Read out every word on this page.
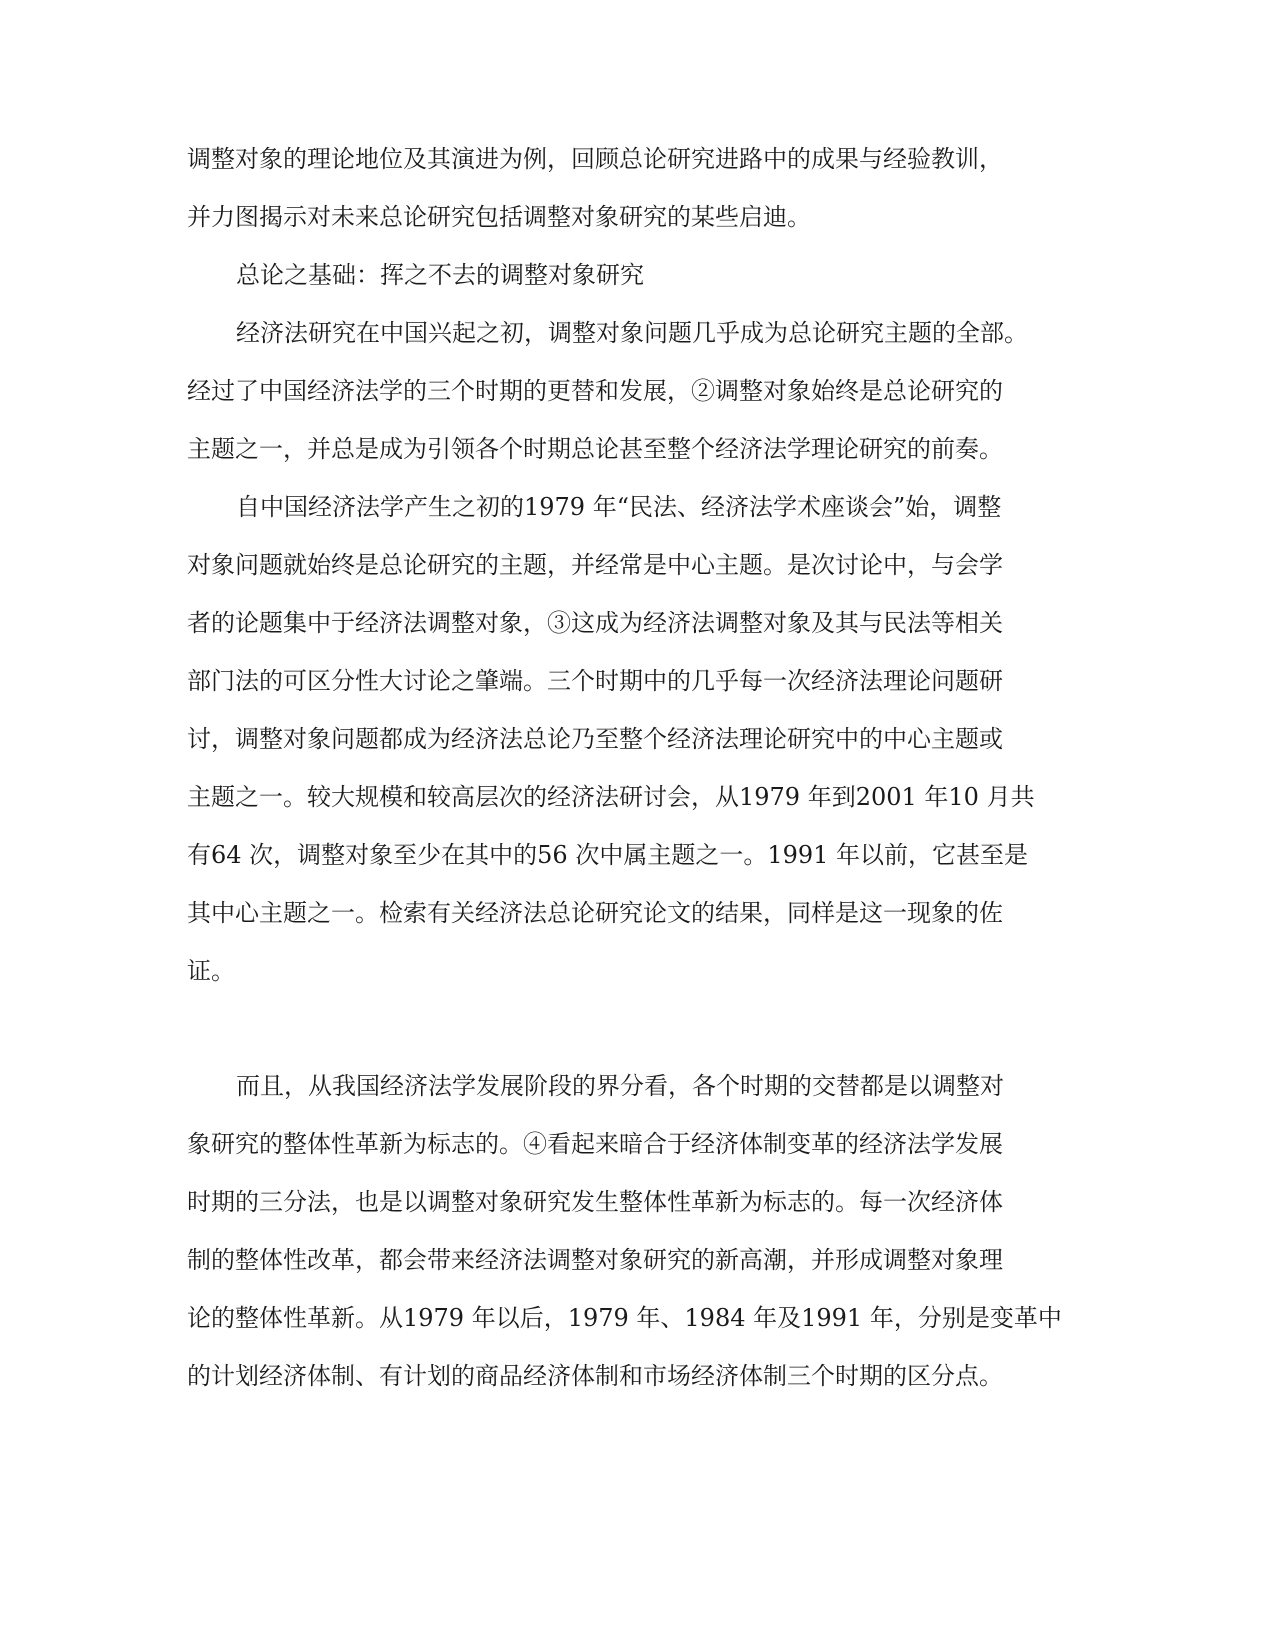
调整对象的理论地位及其演进为例，回顾总论研究进路中的成果与经验教训，

并力图揭示对未来总论研究包括调整对象研究的某些启迪。

总论之基础：挥之不去的调整对象研究

经济法研究在中国兴起之初，调整对象问题几乎成为总论研究主题的全部。

经过了中国经济法学的三个时期的更替和发展，②调整对象始终是总论研究的

主题之一，并总是成为引领各个时期总论甚至整个经济法学理论研究的前奏。

自中国经济法学产生之初的1979 年“民法、经济法学术座谈会”始，调整

对象问题就始终是总论研究的主题，并经常是中心主题。是次讨论中，与会学

者的论题集中于经济法调整对象，③这成为经济法调整对象及其与民法等相关

部门法的可区分性大讨论之肇端。三个时期中的几乎每一次经济法理论问题研

讨，调整对象问题都成为经济法总论乃至整个经济法理论研究中的中心主题或

主题之一。较大规模和较高层次的经济法研讨会，从1979 年到2001 年10 月共

有64 次，调整对象至少在其中的56 次中属主题之一。1991 年以前，它甚至是

其中心主题之一。检索有关经济法总论研究论文的结果，同样是这一现象的佐

证。

而且，从我国经济法学发展阶段的界分看，各个时期的交替都是以调整对

象研究的整体性革新为标志的。④看起来暗合于经济体制变革的经济法学发展

时期的三分法，也是以调整对象研究发生整体性革新为标志的。每一次经济体

制的整体性改革，都会带来经济法调整对象研究的新高潮，并形成调整对象理

论的整体性革新。从1979 年以后，1979 年、1984 年及1991 年，分别是变革中

的计划经济体制、有计划的商品经济体制和市场经济体制三个时期的区分点。
